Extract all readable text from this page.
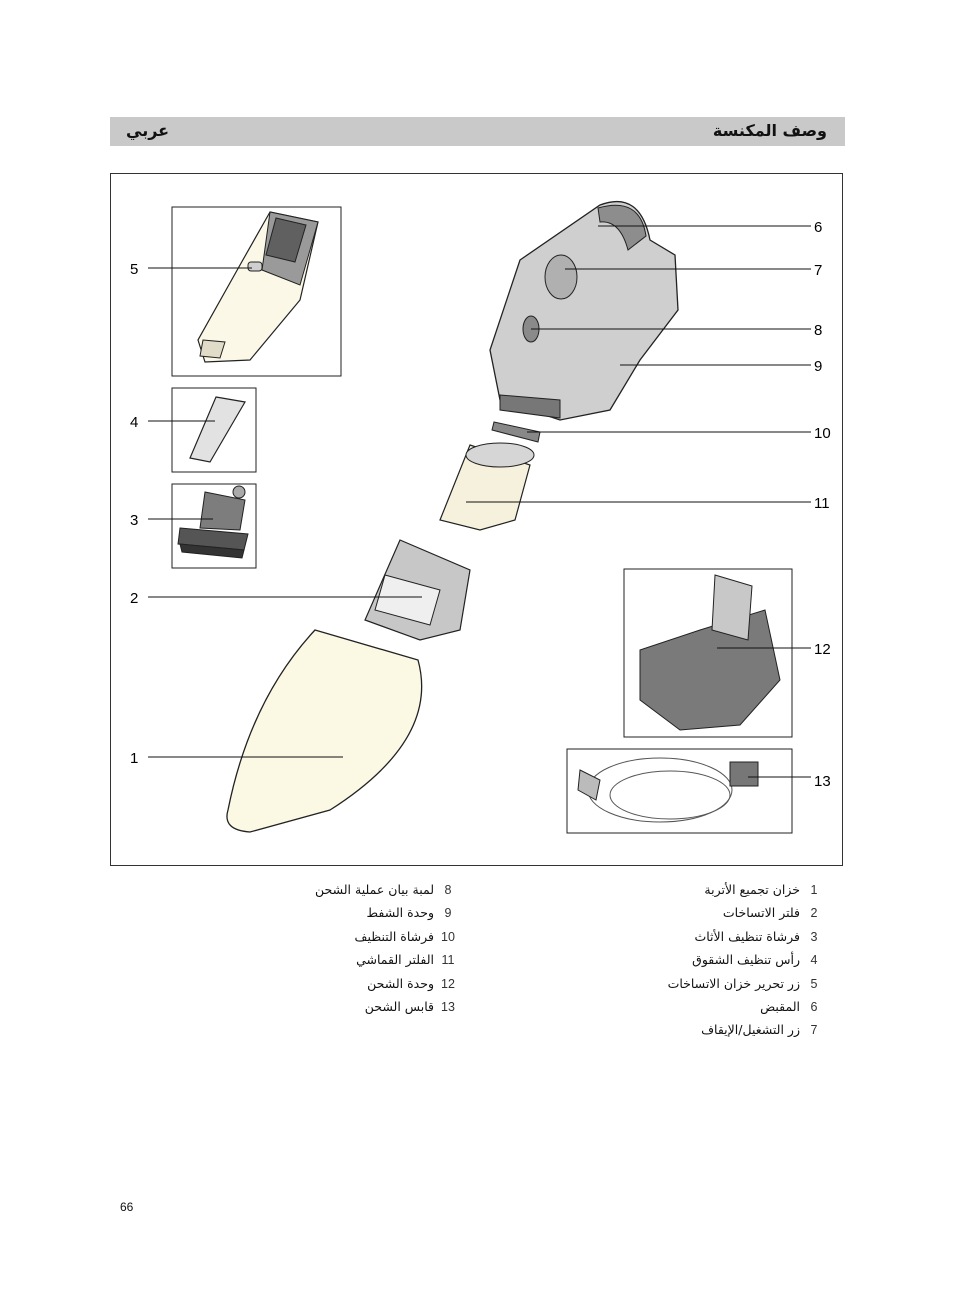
وصف المكنسة
عربي
1
2
3
4
5
6
7
8
9
10
11
12
13
1خزان تجميع الأتربة
2فلتر الاتساخات
3فرشاة تنظيف الأثاث
4رأس تنظيف الشقوق
5زر تحرير خزان الاتساخات
6المقبض
7زر التشغيل/الإيقاف
8لمبة بيان عملية الشحن
9وحدة الشفط
10فرشاة التنظيف
11الفلتر القماشي
12وحدة الشحن
13قابس الشحن
66
